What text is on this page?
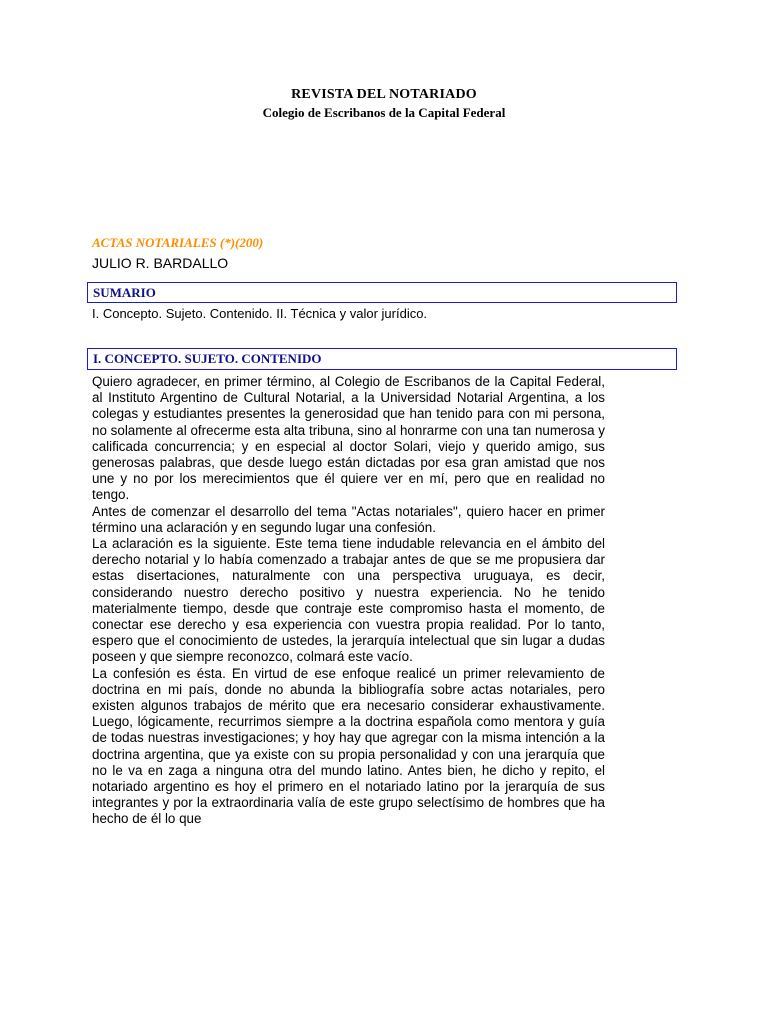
REVISTA DEL NOTARIADO
Colegio de Escribanos de la Capital Federal
ACTAS NOTARIALES (*)(200)
JULIO R. BARDALLO
SUMARIO
I. Concepto. Sujeto. Contenido. II. Técnica y valor jurídico.
I. CONCEPTO. SUJETO. CONTENIDO

Quiero agradecer, en primer término, al Colegio de Escribanos de la Capital Federal, al Instituto Argentino de Cultural Notarial, a la Universidad Notarial Argentina, a los colegas y estudiantes presentes la generosidad que han tenido para con mi persona, no solamente al ofrecerme esta alta tribuna, sino al honrarme con una tan numerosa y calificada concurrencia; y en especial al doctor Solari, viejo y querido amigo, sus generosas palabras, que desde luego están dictadas por esa gran amistad que nos une y no por los merecimientos que él quiere ver en mí, pero que en realidad no tengo.

Antes de comenzar el desarrollo del tema "Actas notariales", quiero hacer en primer término una aclaración y en segundo lugar una confesión.

La aclaración es la siguiente. Este tema tiene indudable relevancia en el ámbito del derecho notarial y lo había comenzado a trabajar antes de que se me propusiera dar estas disertaciones, naturalmente con una perspectiva uruguaya, es decir, considerando nuestro derecho positivo y nuestra experiencia. No he tenido materialmente tiempo, desde que contraje este compromiso hasta el momento, de conectar ese derecho y esa experiencia con vuestra propia realidad. Por lo tanto, espero que el conocimiento de ustedes, la jerarquía intelectual que sin lugar a dudas poseen y que siempre reconozco, colmará este vacío.

La confesión es ésta. En virtud de ese enfoque realicé un primer relevamiento de doctrina en mi país, donde no abunda la bibliografía sobre actas notariales, pero existen algunos trabajos de mérito que era necesario considerar exhaustivamente. Luego, lógicamente, recurrimos siempre a la doctrina española como mentora y guía de todas nuestras investigaciones; y hoy hay que agregar con la misma intención a la doctrina argentina, que ya existe con su propia personalidad y con una jerarquía que no le va en zaga a ninguna otra del mundo latino. Antes bien, he dicho y repito, el notariado argentino es hoy el primero en el notariado latino por la jerarquía de sus integrantes y por la extraordinaria valía de este grupo selectísimo de hombres que ha hecho de él lo que
